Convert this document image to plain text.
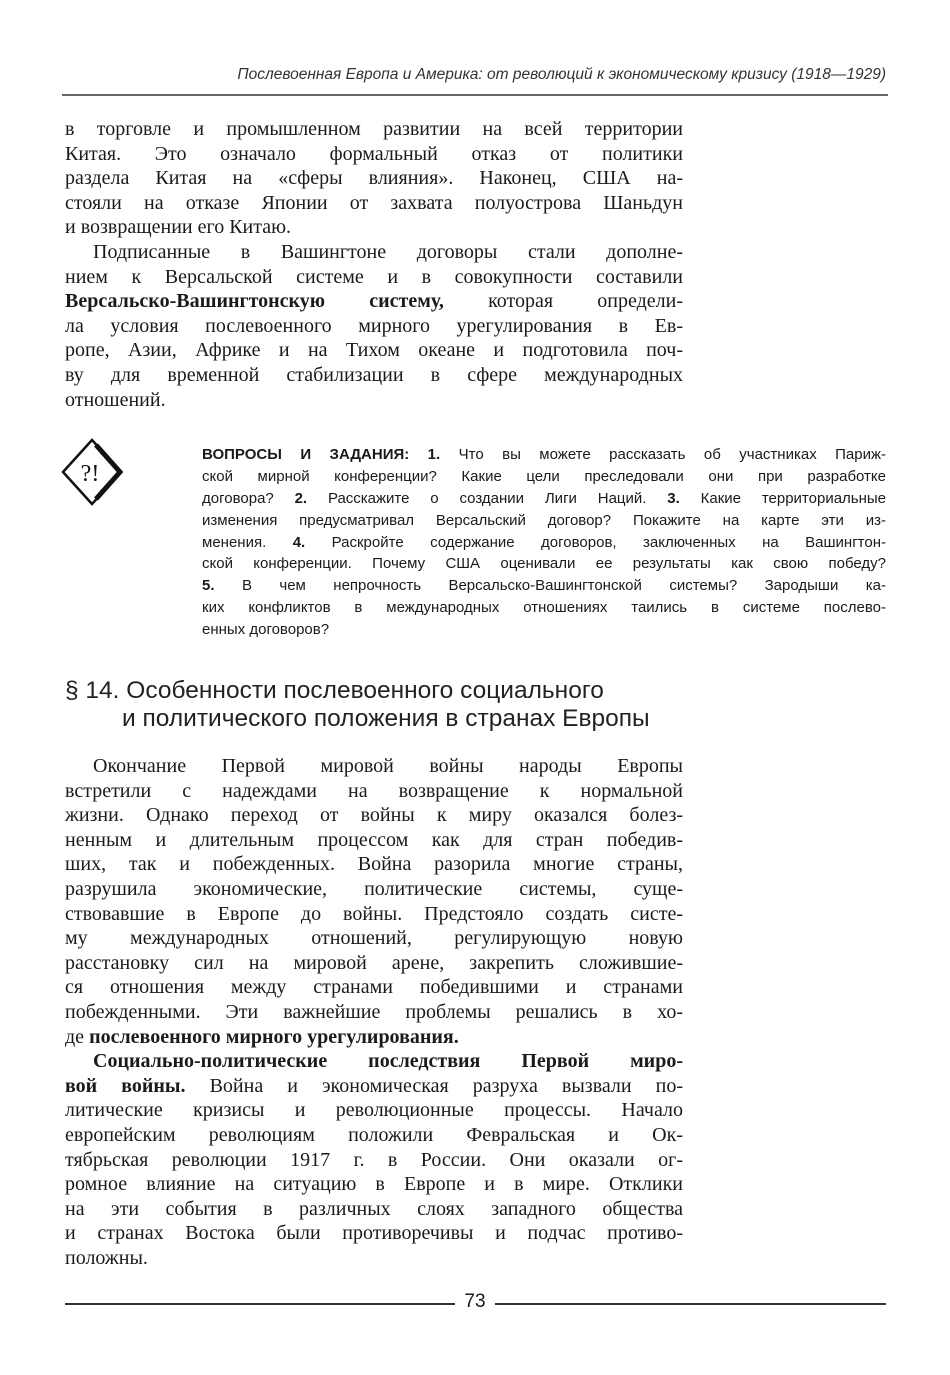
Послевоенная Европа и Америка: от революций к экономическому кризису (1918—1929)
в торговле и промышленном развитии на всей территории
Китая. Это означало формальный отказ от политики
раздела Китая на «сферы влияния». Наконец, США на-
стояли на отказе Японии от захвата полуострова Шаньдун
и возвращении его Китаю.
Подписанные в Вашингтоне договоры стали дополне-
нием к Версальской системе и в совокупности составили
Версальско-Вашингтонскую систему, которая определи-
ла условия послевоенного мирного урегулирования в Ев-
ропе, Азии, Африке и на Тихом океане и подготовила поч-
ву для временной стабилизации в сфере международных
отношений.
?!
ВОПРОСЫ И ЗАДАНИЯ: 1. Что вы можете рассказать об участниках Париж-
ской мирной конференции? Какие цели преследовали они при разработке
договора? 2. Расскажите о создании Лиги Наций. 3. Какие территориальные
изменения предусматривал Версальский договор? Покажите на карте эти из-
менения. 4. Раскройте содержание договоров, заключенных на Вашингтон-
ской конференции. Почему США оценивали ее результаты как свою победу?
5. В чем непрочность Версальско-Вашингтонской системы? Зародыши ка-
ких конфликтов в международных отношениях таились в системе послево-
енных договоров?
§ 14. Особенности послевоенного социального
и политического положения в странах Европы
Окончание Первой мировой войны народы Европы
встретили с надеждами на возвращение к нормальной
жизни. Однако переход от войны к миру оказался болез-
ненным и длительным процессом как для стран победив-
ших, так и побежденных. Война разорила многие страны,
разрушила экономические, политические системы, суще-
ствовавшие в Европе до войны. Предстояло создать систе-
му международных отношений, регулирующую новую
расстановку сил на мировой арене, закрепить сложившие-
ся отношения между странами победившими и странами
побежденными. Эти важнейшие проблемы решались в хо-
де послевоенного мирного урегулирования.
Социально-политические последствия Первой миро-
вой войны. Война и экономическая разруха вызвали по-
литические кризисы и революционные процессы. Начало
европейским революциям положили Февральская и Ок-
тябрьская революции 1917 г. в России. Они оказали ог-
ромное влияние на ситуацию в Европе и в мире. Отклики
на эти события в различных слоях западного общества
и странах Востока были противоречивы и подчас противо-
положны.
73
